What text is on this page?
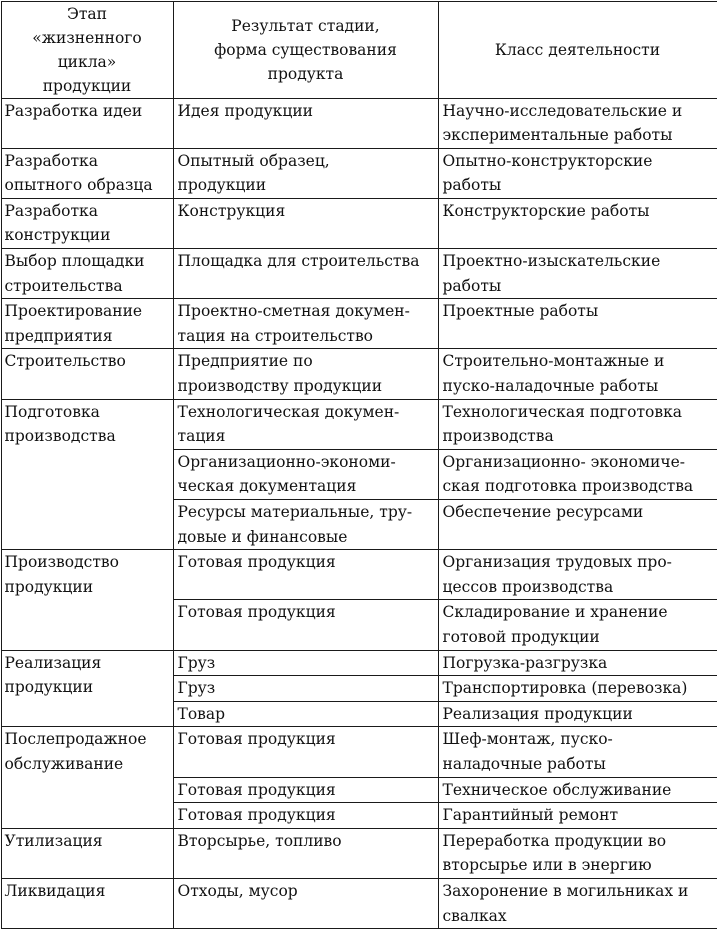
Этап
«жизненного
цикла»
продукции	Результат стадии,
форма существования
продукта	Класс деятельности

Разработка идеи	Идея продукции	Научно-исследовательские и
экспериментальные работы

Разработка
опытного образца	Опытный образец,
продукции	Опытно-конструкторские
работы

Разработка
конструкции	Конструкция	Конструкторские работы

Выбор площадки
строительства	Площадка для строительства	Проектно-изыскательские
работы

Проектирование
предприятия	Проектно-сметная докумен-
тация на строительство	Проектные работы

Строительство	Предприятие по
производству продукции	Строительно-монтажные и
пуско-наладочные работы

Подготовка
производства	Технологическая докумен-
тация	Технологическая подготовка
производства

	Организационно-экономи-
ческая документация	Организационно- экономиче-
ская подготовка производства

	Ресурсы материальные, тру-
довые и финансовые	Обеспечение ресурсами

Производство
продукции	Готовая продукция	Организация трудовых про-
цессов производства

	Готовая продукция	Складирование и хранение
готовой продукции

Реализация
продукции	Груз	Погрузка-разгрузка

	Груз	Транспортировка (перевозка)

	Товар	Реализация продукции

Послепродажное
обслуживание	Готовая продукция	Шеф-монтаж, пуско-
наладочные работы

	Готовая продукция	Техническое обслуживание

	Готовая продукция	Гарантийный ремонт

Утилизация	Вторсырье, топливо	Переработка продукции во
вторсырье или в энергию

Ликвидация	Отходы, мусор	Захоронение в могильниках и
свалках
